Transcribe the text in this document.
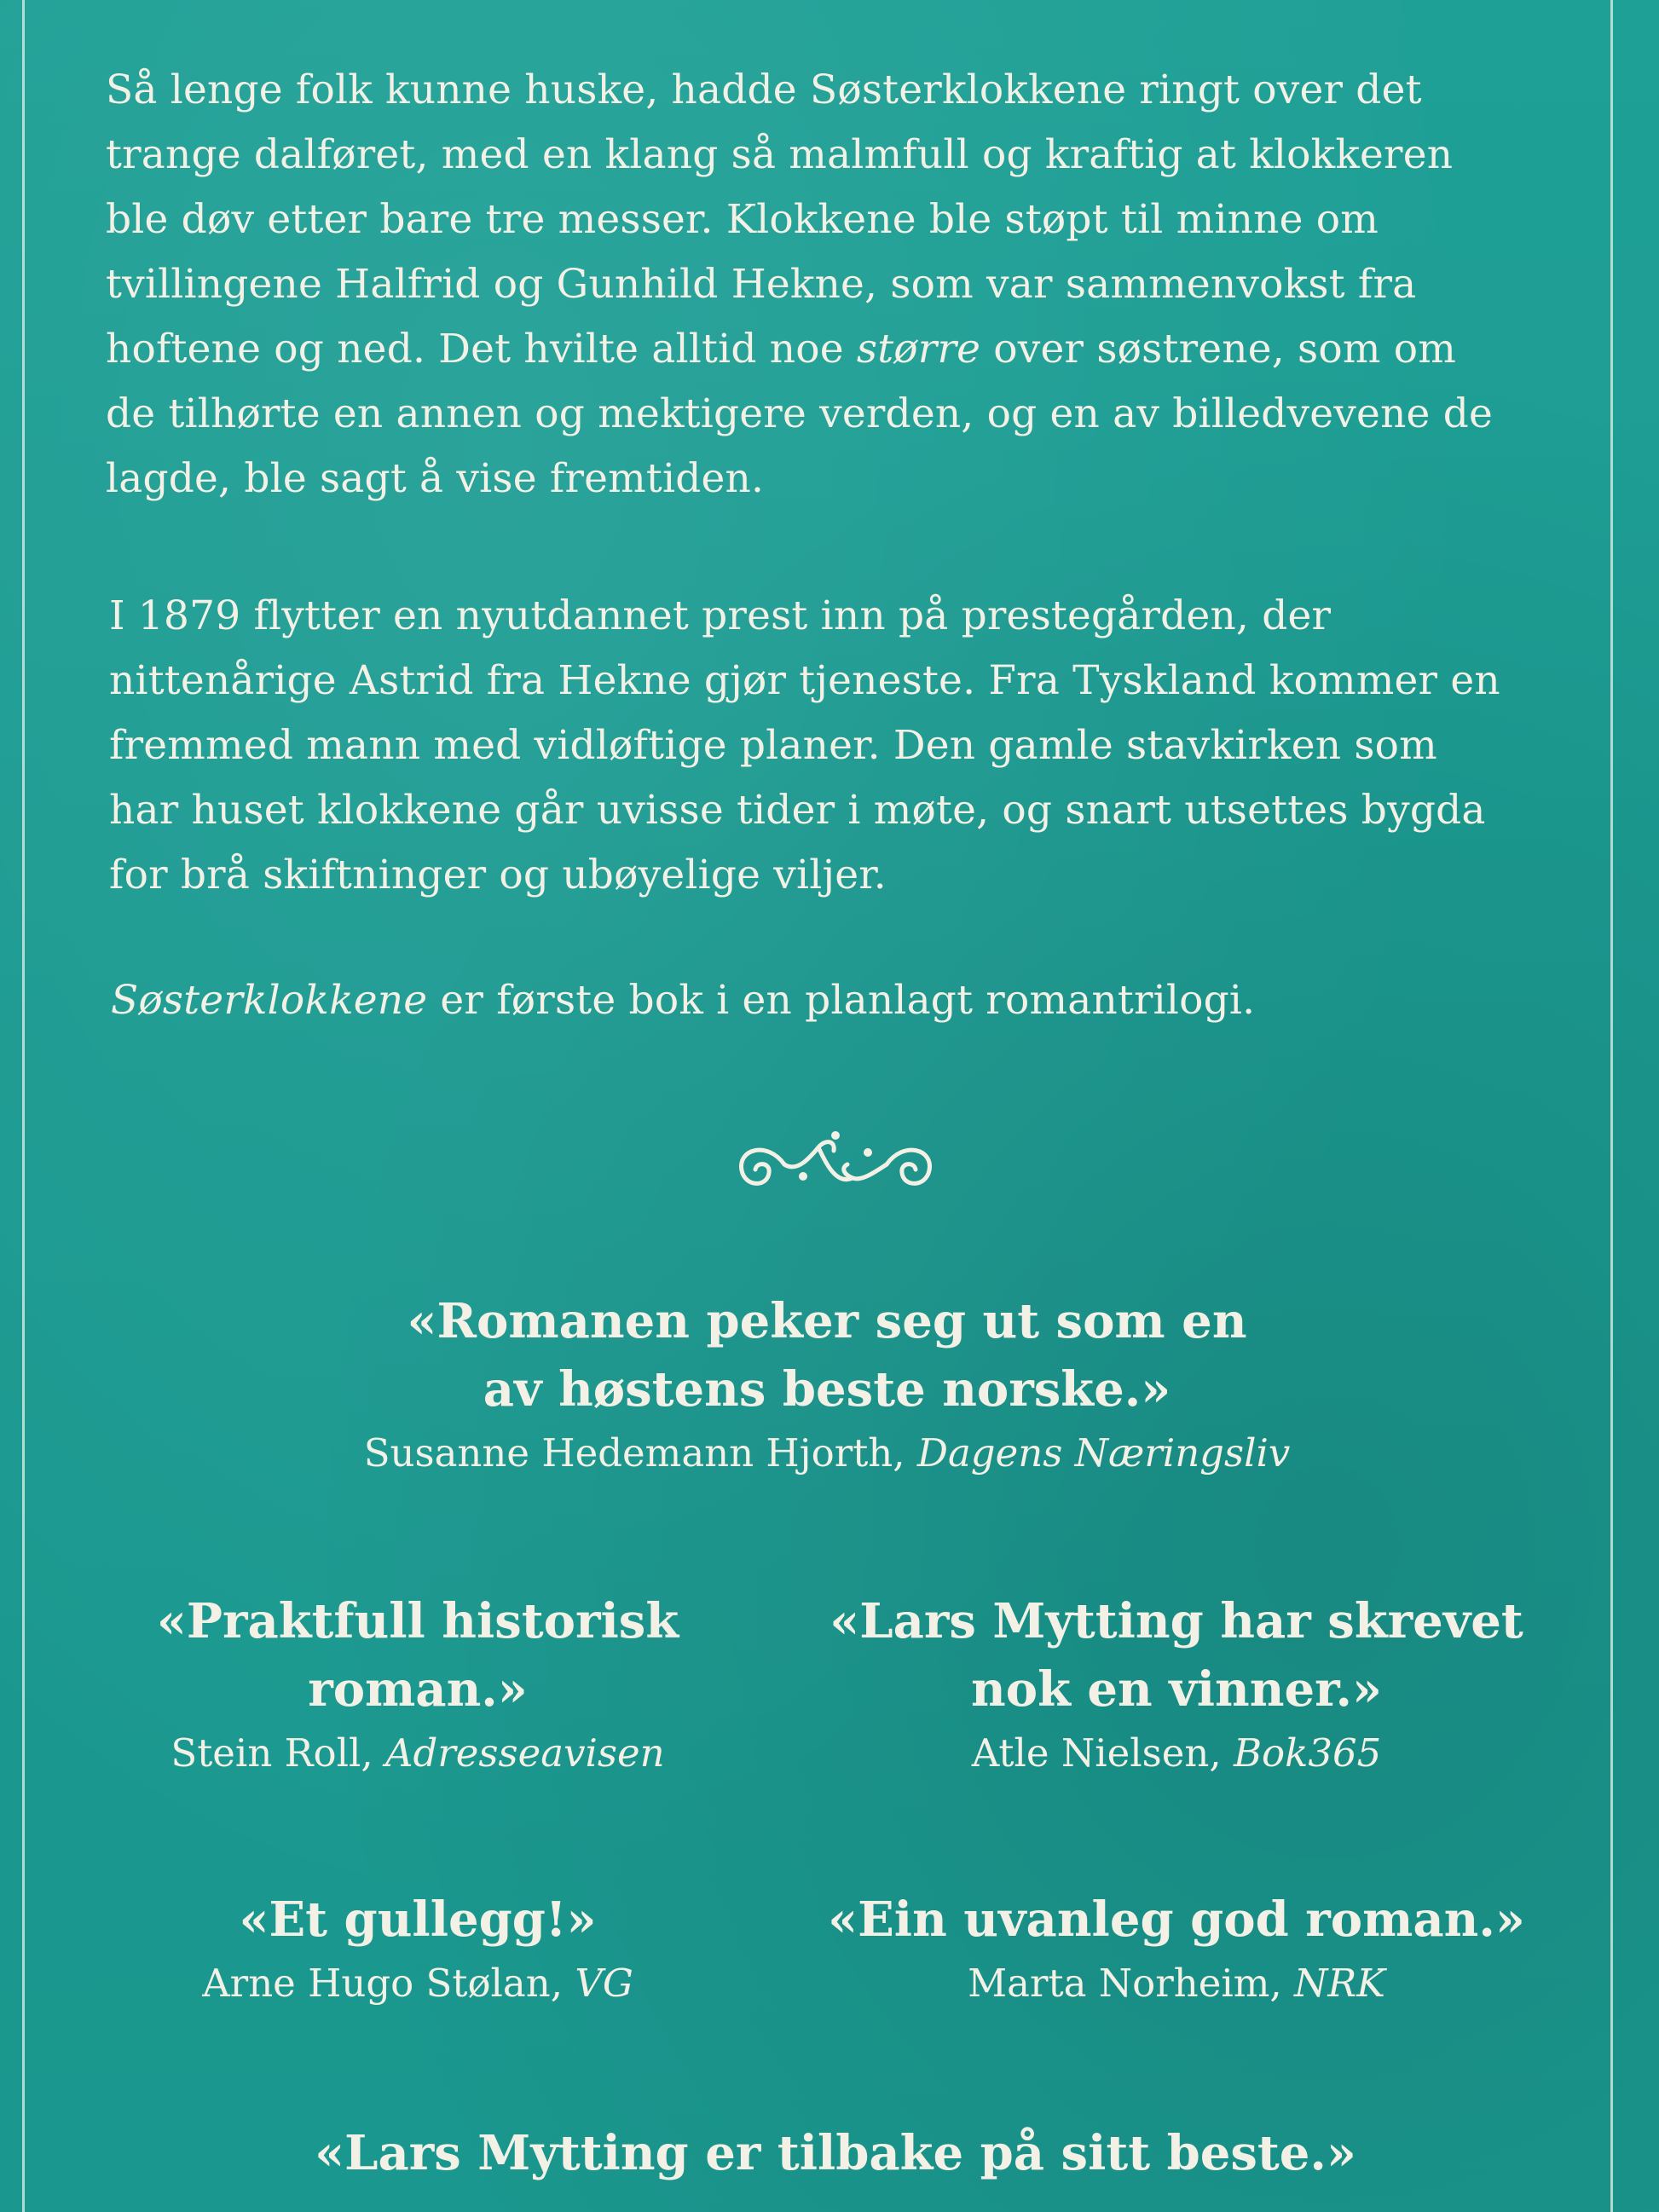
Så lenge folk kunne huske, hadde Søsterklokkene ringt over det trange dalføret, med en klang så malmfull og kraftig at klokkeren ble døv etter bare tre messer. Klokkene ble støpt til minne om tvillingene Halfrid og Gunhild Hekne, som var sammenvokst fra hoftene og ned. Det hvilte alltid noe større over søstrene, som om de tilhørte en annen og mektigere verden, og en av billedvevene de lagde, ble sagt å vise fremtiden.

I 1879 flytter en nyutdannet prest inn på prestegården, der nittenårige Astrid fra Hekne gjør tjeneste. Fra Tyskland kommer en fremmed mann med vidløftige planer. Den gamle stavkirken som har huset klokkene går uvisse tider i møte, og snart utsettes bygda for brå skiftninger og ubøyelige viljer.

Søsterklokkene er første bok i en planlagt romantrilogi.

«Romanen peker seg ut som en

av høstens beste norske.»

Susanne Hedemann Hjorth, Dagens Næringsliv

«Praktfull historisk

roman.»

Stein Roll, Adresseavisen

«Lars Mytting har skrevet

nok en vinner.»

Atle Nielsen, Bok365

«Et gullegg!»

Arne Hugo Stølan, VG

«Ein uvanleg god roman.»

Marta Norheim, NRK

«Lars Mytting er tilbake på sitt beste.»
